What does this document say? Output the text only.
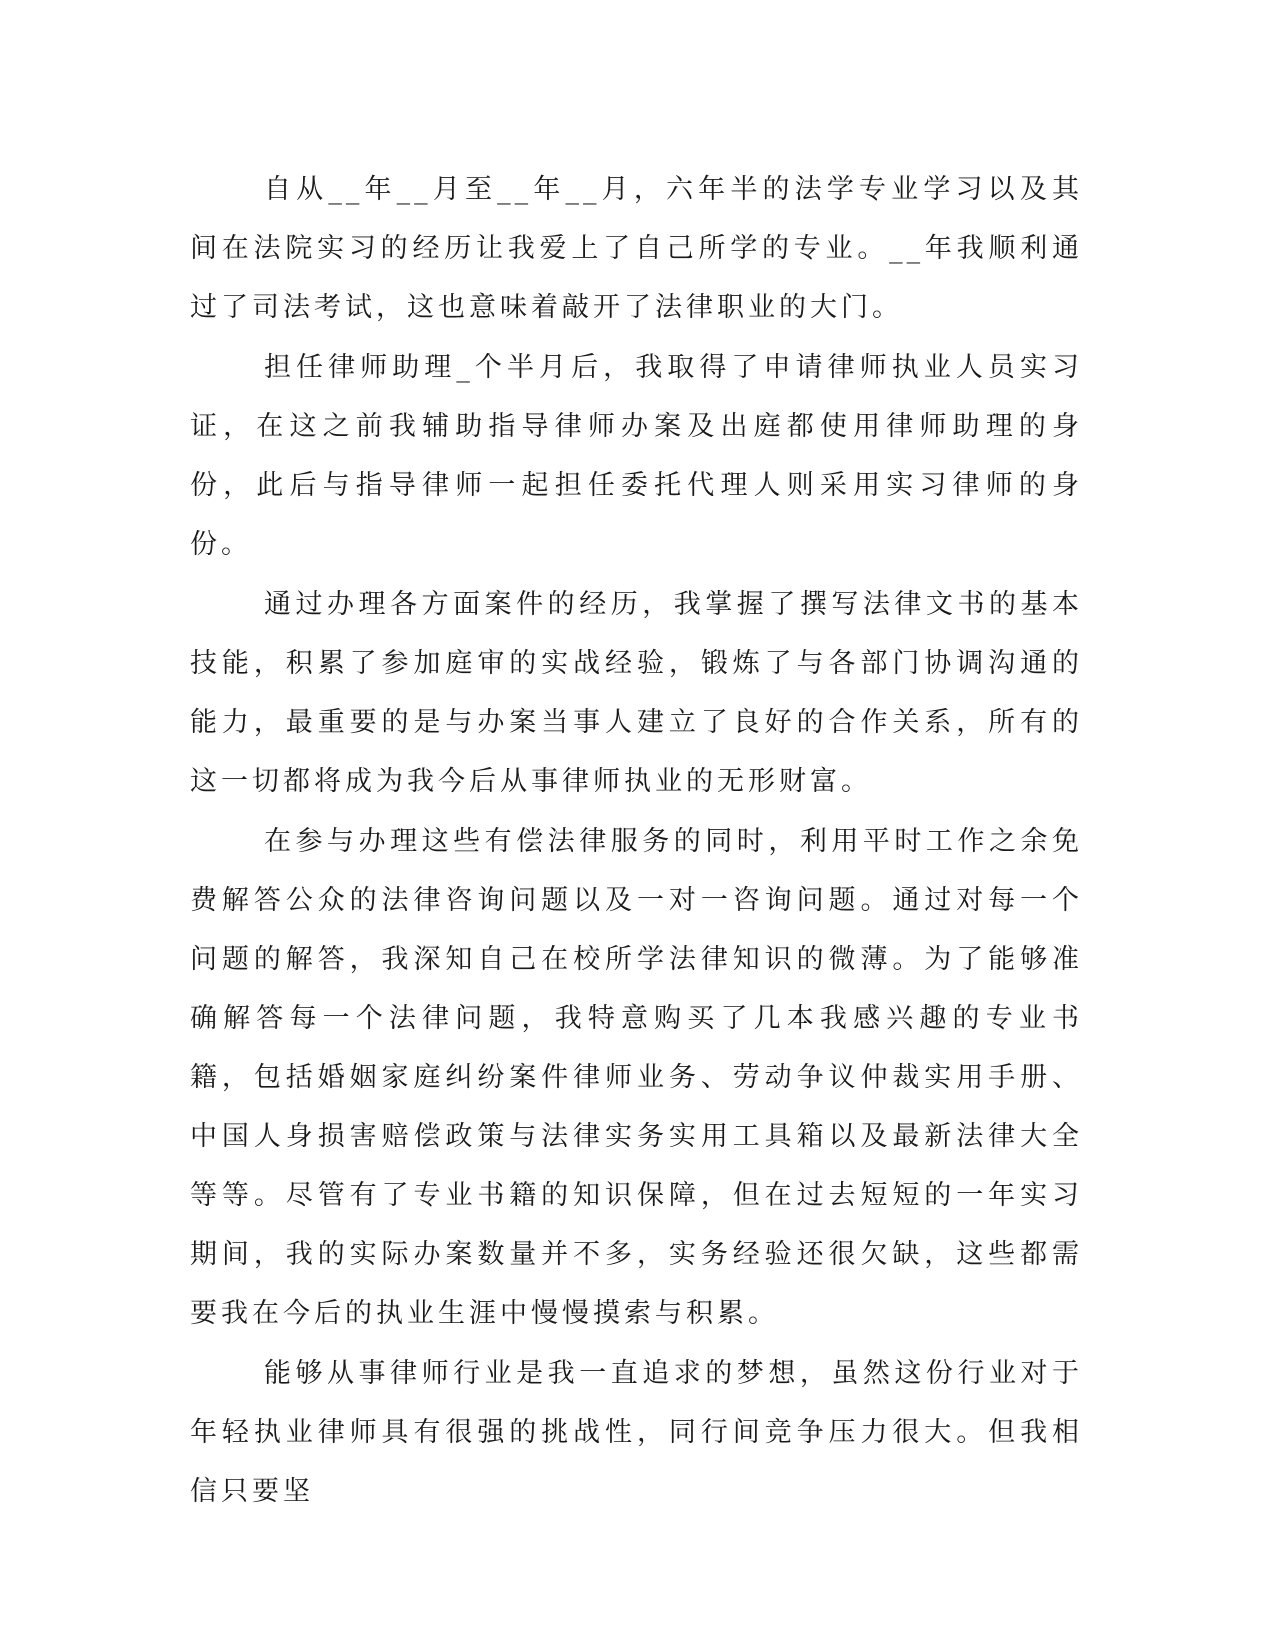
自从__年__月至__年__月，六年半的法学专业学习以及其间在法院实习的经历让我爱上了自己所学的专业。__年我顺利通过了司法考试，这也意味着敲开了法律职业的大门。

担任律师助理_个半月后，我取得了申请律师执业人员实习证，在这之前我辅助指导律师办案及出庭都使用律师助理的身份，此后与指导律师一起担任委托代理人则采用实习律师的身份。

通过办理各方面案件的经历，我掌握了撰写法律文书的基本技能，积累了参加庭审的实战经验，锻炼了与各部门协调沟通的能力，最重要的是与办案当事人建立了良好的合作关系，所有的这一切都将成为我今后从事律师执业的无形财富。

在参与办理这些有偿法律服务的同时，利用平时工作之余免费解答公众的法律咨询问题以及一对一咨询问题。通过对每一个问题的解答，我深知自己在校所学法律知识的微薄。为了能够准确解答每一个法律问题，我特意购买了几本我感兴趣的专业书籍，包括婚姻家庭纠纷案件律师业务、劳动争议仲裁实用手册、中国人身损害赔偿政策与法律实务实用工具箱以及最新法律大全等等。尽管有了专业书籍的知识保障，但在过去短短的一年实习期间，我的实际办案数量并不多，实务经验还很欠缺，这些都需要我在今后的执业生涯中慢慢摸索与积累。

能够从事律师行业是我一直追求的梦想，虽然这份行业对于年轻执业律师具有很强的挑战性，同行间竞争压力很大。但我相信只要坚
